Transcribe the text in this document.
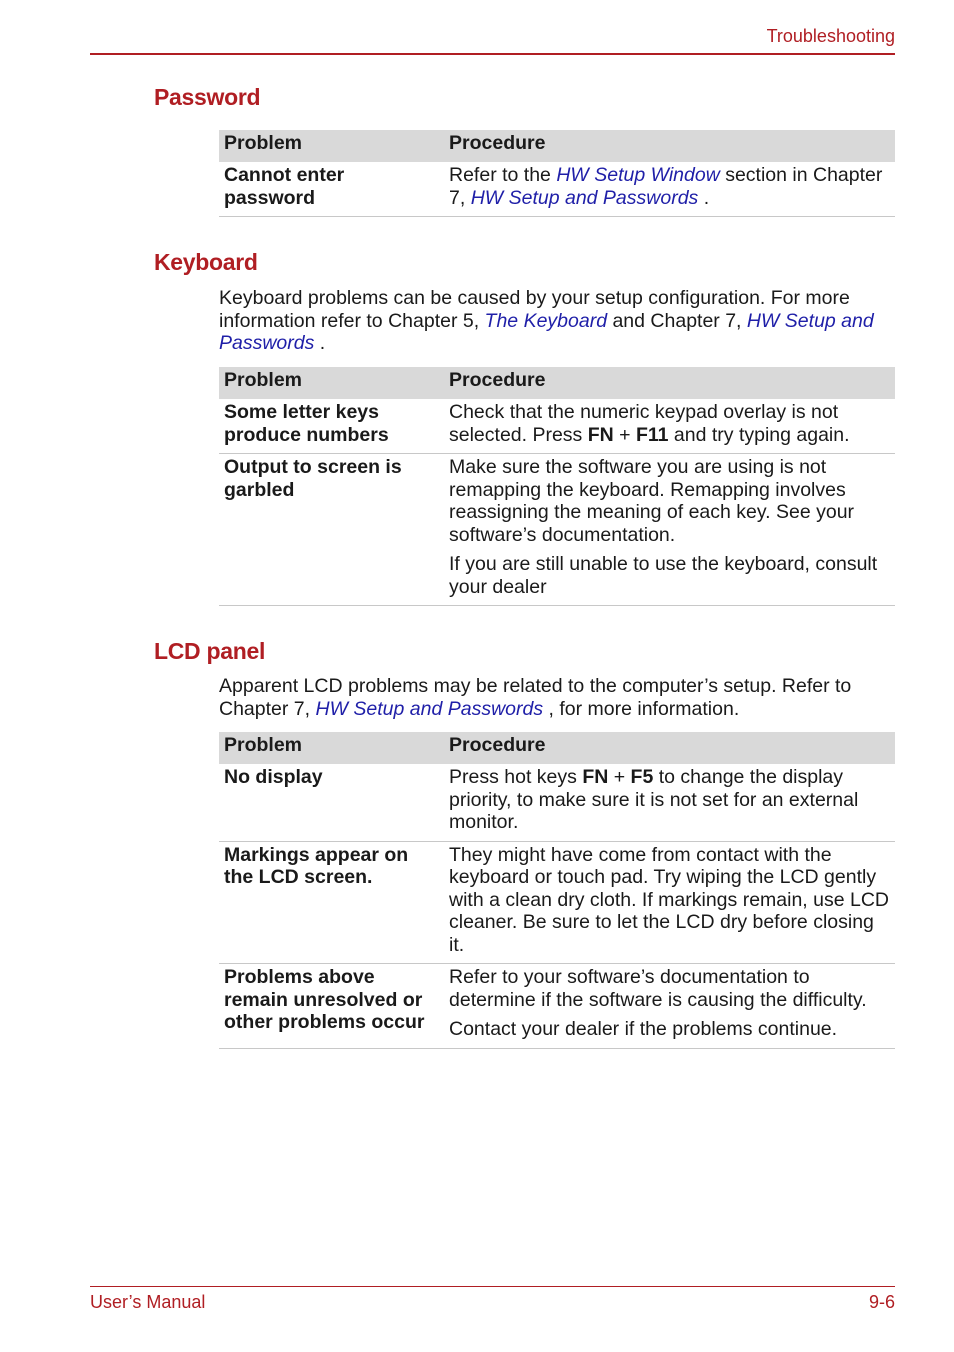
Troubleshooting
Password
Problem	Procedure
Cannot enter password	Refer to the HW Setup Window section in Chapter 7, HW Setup and Passwords .
Keyboard

Keyboard problems can be caused by your setup configuration. For more information refer to Chapter 5, The Keyboard and Chapter 7, HW Setup and Passwords .

Problem	Procedure
Some letter keys produce numbers	Check that the numeric keypad overlay is not selected. Press FN + F11 and try typing again.
Output to screen is garbled	Make sure the software you are using is not remapping the keyboard. Remapping involves reassigning the meaning of each key. See your software’s documentation.

If you are still unable to use the keyboard, consult your dealer

LCD panel

Apparent LCD problems may be related to the computer’s setup. Refer to Chapter 7, HW Setup and Passwords , for more information.

Problem	Procedure
No display	Press hot keys FN + F5 to change the display priority, to make sure it is not set for an external monitor.
Markings appear on the LCD screen.	They might have come from contact with the keyboard or touch pad. Try wiping the LCD gently with a clean dry cloth. If markings remain, use LCD cleaner. Be sure to let the LCD dry before closing it.
Problems above remain unresolved or other problems occur	Refer to your software’s documentation to determine if the software is causing the difficulty.

Contact your dealer if the problems continue.

User’s Manual	9-6
